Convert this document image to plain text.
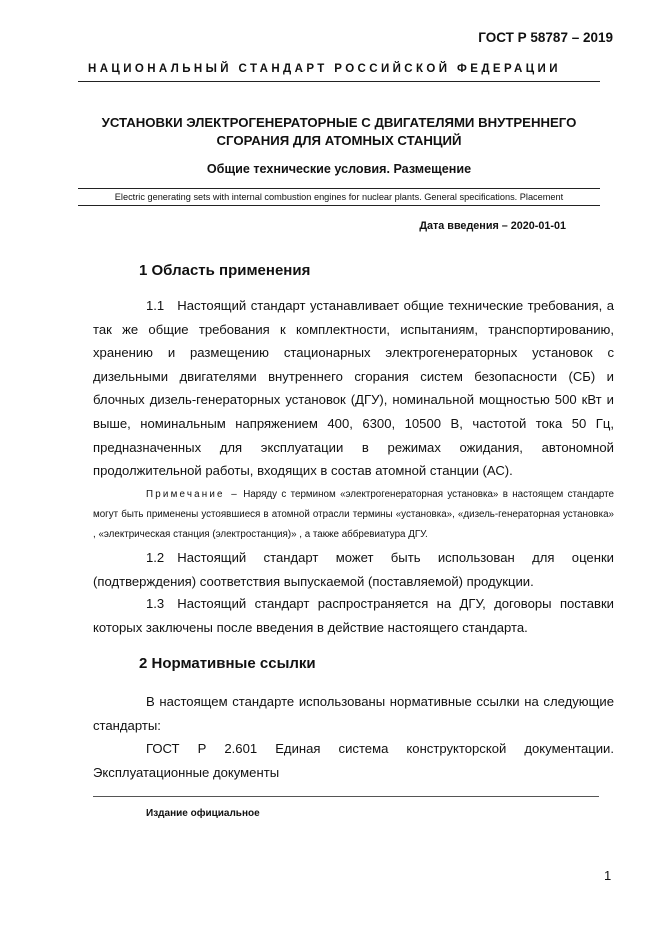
ГОСТ Р 58787 – 2019
НАЦИОНАЛЬНЫЙ СТАНДАРТ РОССИЙСКОЙ ФЕДЕРАЦИИ
УСТАНОВКИ ЭЛЕКТРОГЕНЕРАТОРНЫЕ С ДВИГАТЕЛЯМИ ВНУТРЕННЕГО
СГОРАНИЯ ДЛЯ АТОМНЫХ СТАНЦИЙ
Общие технические условия. Размещение
Electric generating sets with internal combustion engines for nuclear plants. General specifications. Placement
Дата введения – 2020-01-01
1 Область применения
1.1 Настоящий стандарт устанавливает общие технические требования, а так же общие требования к комплектности, испытаниям, транспортированию, хранению и размещению стационарных электрогенераторных установок с дизельными двигателями внутреннего сгорания систем безопасности (СБ) и блочных дизель-генераторных установок (ДГУ), номинальной мощностью 500 кВт и выше, номинальным напряжением 400, 6300, 10500 В, частотой тока 50 Гц, предназначенных для эксплуатации в режимах ожидания, автономной продолжительной работы, входящих в состав атомной станции (АС).
Примечание – Наряду с термином «электрогенераторная установка» в настоящем стандарте могут быть применены устоявшиеся в атомной отрасли термины «установка», «дизель-генераторная установка» , «электрическая станция (электростанция)» , а также аббревиатура ДГУ.
1.2 Настоящий стандарт может быть использован для оценки (подтверждения) соответствия выпускаемой (поставляемой) продукции.
1.3 Настоящий стандарт распространяется на ДГУ, договоры поставки которых заключены после введения в действие настоящего стандарта.
2 Нормативные ссылки
В настоящем стандарте использованы нормативные ссылки на следующие стандарты:
ГОСТ Р 2.601 Единая система конструкторской документации. Эксплуатационные документы
Издание официальное
1
